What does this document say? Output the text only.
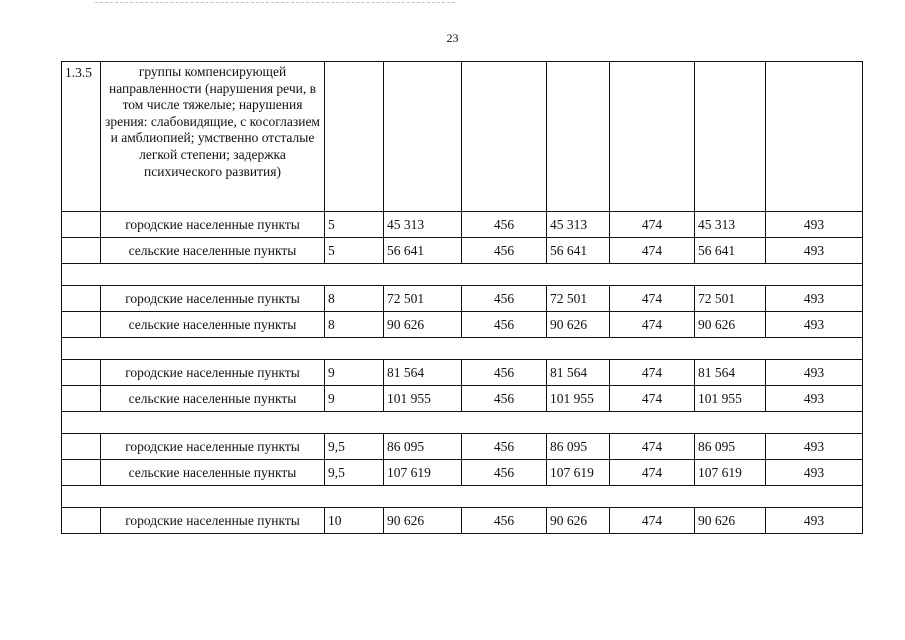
23
1.3.5	группы компенсирующей направленности (нарушения речи, в том числе тяжелые; нарушения зрения: слабовидящие, с косоглазием и амблиопией; умственно отсталые легкой степени; задержка психического развития)							
	городские населенные пункты	5	45 313	456	45 313	474	45 313	493
	сельские населенные пункты	5	56 641	456	56 641	474	56 641	493

	городские населенные пункты	8	72 501	456	72 501	474	72 501	493
	сельские населенные пункты	8	90 626	456	90 626	474	90 626	493

	городские населенные пункты	9	81 564	456	81 564	474	81 564	493
	сельские населенные пункты	9	101 955	456	101 955	474	101 955	493

	городские населенные пункты	9,5	86 095	456	86 095	474	86 095	493
	сельские населенные пункты	9,5	107 619	456	107 619	474	107 619	493

	городские населенные пункты	10	90 626	456	90 626	474	90 626	493
